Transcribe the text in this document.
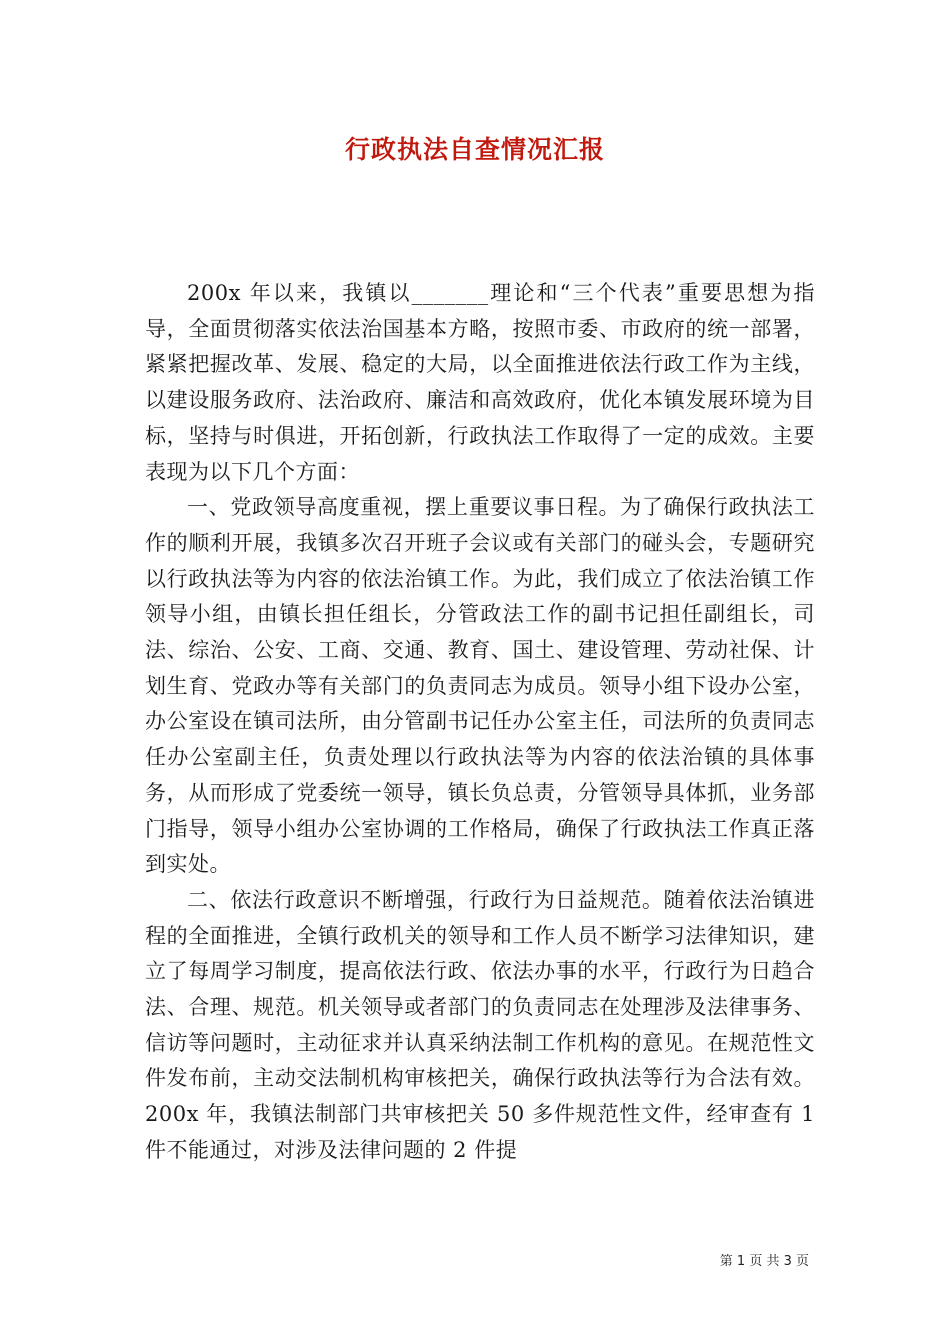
行政执法自查情况汇报

200x 年以来，我镇以_______理论和“三个代表”重要思想为指导，全面贯彻落实依法治国基本方略，按照市委、市政府的统一部署，紧紧把握改革、发展、稳定的大局，以全面推进依法行政工作为主线，以建设服务政府、法治政府、廉洁和高效政府，优化本镇发展环境为目标，坚持与时俱进，开拓创新，行政执法工作取得了一定的成效。主要表现为以下几个方面：

一、党政领导高度重视，摆上重要议事日程。为了确保行政执法工作的顺利开展，我镇多次召开班子会议或有关部门的碰头会，专题研究以行政执法等为内容的依法治镇工作。为此，我们成立了依法治镇工作领导小组，由镇长担任组长，分管政法工作的副书记担任副组长，司法、综治、公安、工商、交通、教育、国土、建设管理、劳动社保、计划生育、党政办等有关部门的负责同志为成员。领导小组下设办公室，办公室设在镇司法所，由分管副书记任办公室主任，司法所的负责同志任办公室副主任，负责处理以行政执法等为内容的依法治镇的具体事务，从而形成了党委统一领导，镇长负总责，分管领导具体抓，业务部门指导，领导小组办公室协调的工作格局，确保了行政执法工作真正落到实处。

二、依法行政意识不断增强，行政行为日益规范。随着依法治镇进程的全面推进，全镇行政机关的领导和工作人员不断学习法律知识，建立了每周学习制度，提高依法行政、依法办事的水平，行政行为日趋合法、合理、规范。机关领导或者部门的负责同志在处理涉及法律事务、信访等问题时，主动征求并认真采纳法制工作机构的意见。在规范性文件发布前，主动交法制机构审核把关，确保行政执法等行为合法有效。200x 年，我镇法制部门共审核把关 50 多件规范性文件，经审查有 1 件不能通过，对涉及法律问题的 2 件提

第 1 页 共 3 页
